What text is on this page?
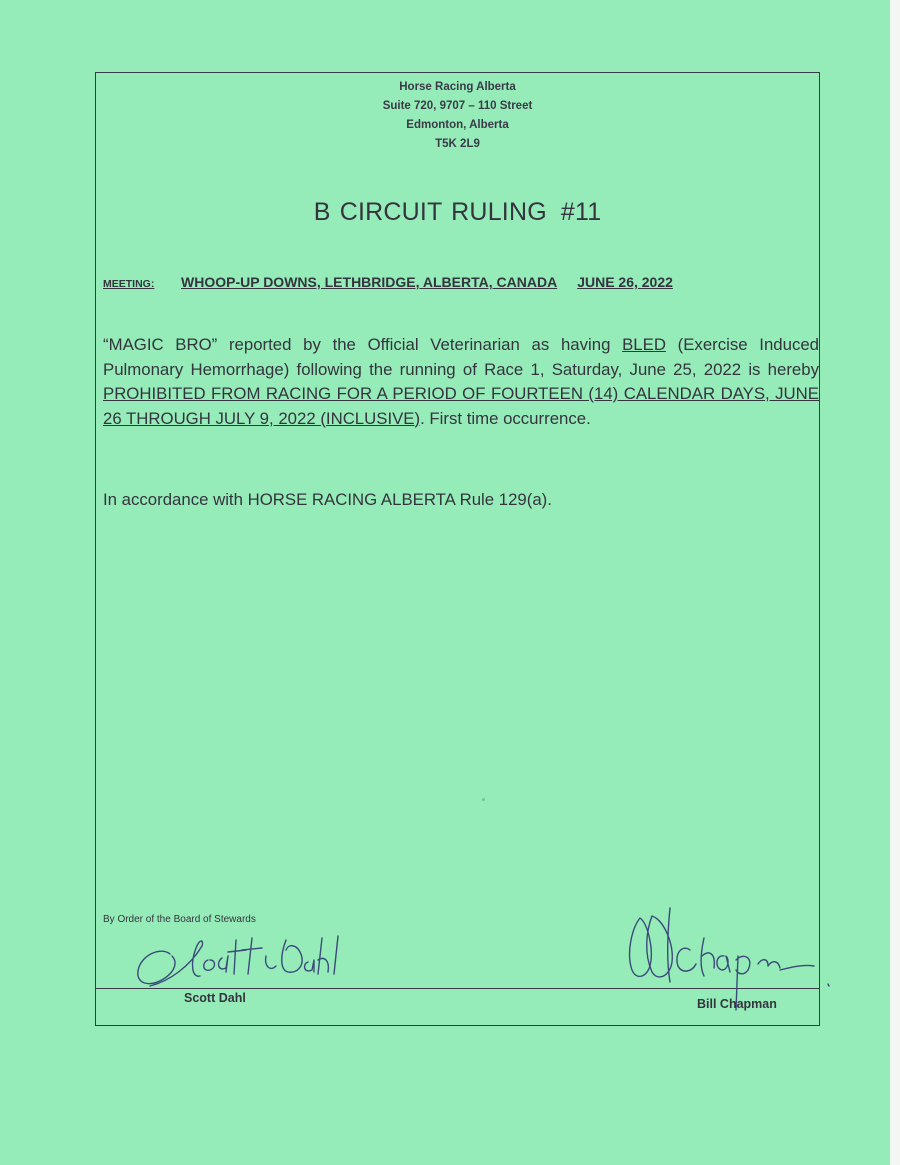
Horse Racing Alberta
Suite 720, 9707 – 110 Street
Edmonton, Alberta
T5K 2L9
B CIRCUIT RULING #11
MEETING: WHOOP-UP DOWNS, LETHBRIDGE, ALBERTA, CANADA JUNE 26, 2022
“MAGIC BRO” reported by the Official Veterinarian as having BLED (Exercise Induced Pulmonary Hemorrhage) following the running of Race 1, Saturday, June 25, 2022 is hereby PROHIBITED FROM RACING FOR A PERIOD OF FOURTEEN (14) CALENDAR DAYS, JUNE 26 THROUGH JULY 9, 2022 (INCLUSIVE). First time occurrence.
In accordance with HORSE RACING ALBERTA Rule 129(a).
By Order of the Board of Stewards
Scott Dahl	Bill Chapman
